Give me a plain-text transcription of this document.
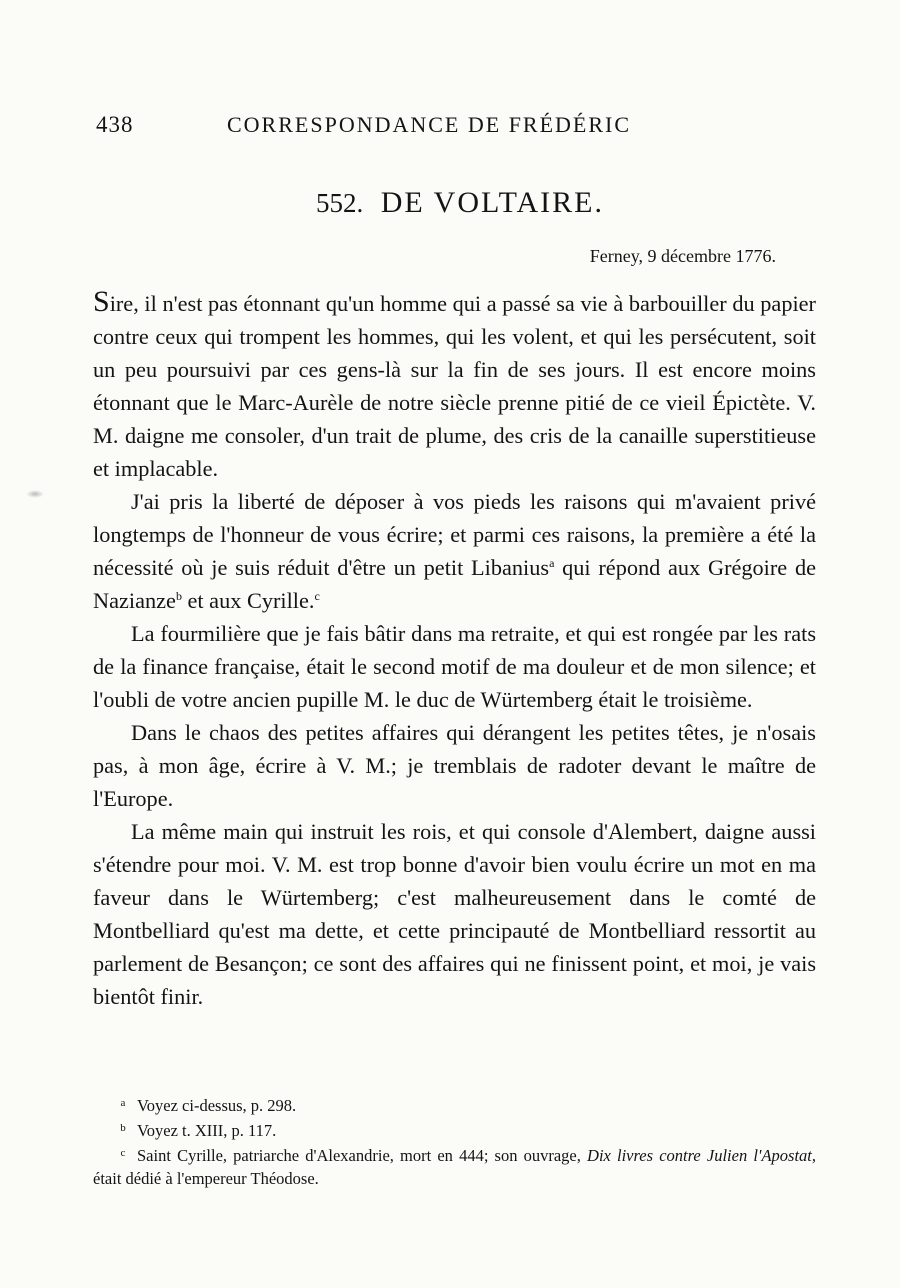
438	CORRESPONDANCE DE FRÉDÉRIC
552. DE VOLTAIRE.
Ferney, 9 décembre 1776.

Sire, il n'est pas étonnant qu'un homme qui a passé sa vie à barbouiller du papier contre ceux qui trompent les hommes, qui les volent, et qui les persécutent, soit un peu poursuivi par ces gens-là sur la fin de ses jours. Il est encore moins étonnant que le Marc-Aurèle de notre siècle prenne pitié de ce vieil Épictète. V. M. daigne me consoler, d'un trait de plume, des cris de la canaille superstitieuse et implacable.

J'ai pris la liberté de déposer à vos pieds les raisons qui m'avaient privé longtemps de l'honneur de vous écrire; et parmi ces raisons, la première a été la nécessité où je suis réduit d'être un petit Libanius$^a$ qui répond aux Grégoire de Nazianze$^b$ et aux Cyrille.$^c$

La fourmilière que je fais bâtir dans ma retraite, et qui est rongée par les rats de la finance française, était le second motif de ma douleur et de mon silence; et l'oubli de votre ancien pupille M. le duc de Würtemberg était le troisième.

Dans le chaos des petites affaires qui dérangent les petites têtes, je n'osais pas, à mon âge, écrire à V. M.; je tremblais de radoter devant le maître de l'Europe.

La même main qui instruit les rois, et qui console d'Alembert, daigne aussi s'étendre pour moi. V. M. est trop bonne d'avoir bien voulu écrire un mot en ma faveur dans le Würtemberg; c'est malheureusement dans le comté de Montbelliard qu'est ma dette, et cette principauté de Montbelliard ressortit au parlement de Besançon; ce sont des affaires qui ne finissent point, et moi, je vais bientôt finir.

a Voyez ci-dessus, p. 298.

b Voyez t. XIII, p. 117.

c Saint Cyrille, patriarche d'Alexandrie, mort en 444; son ouvrage, Dix livres contre Julien l'Apostat, était dédié à l'empereur Théodose.
